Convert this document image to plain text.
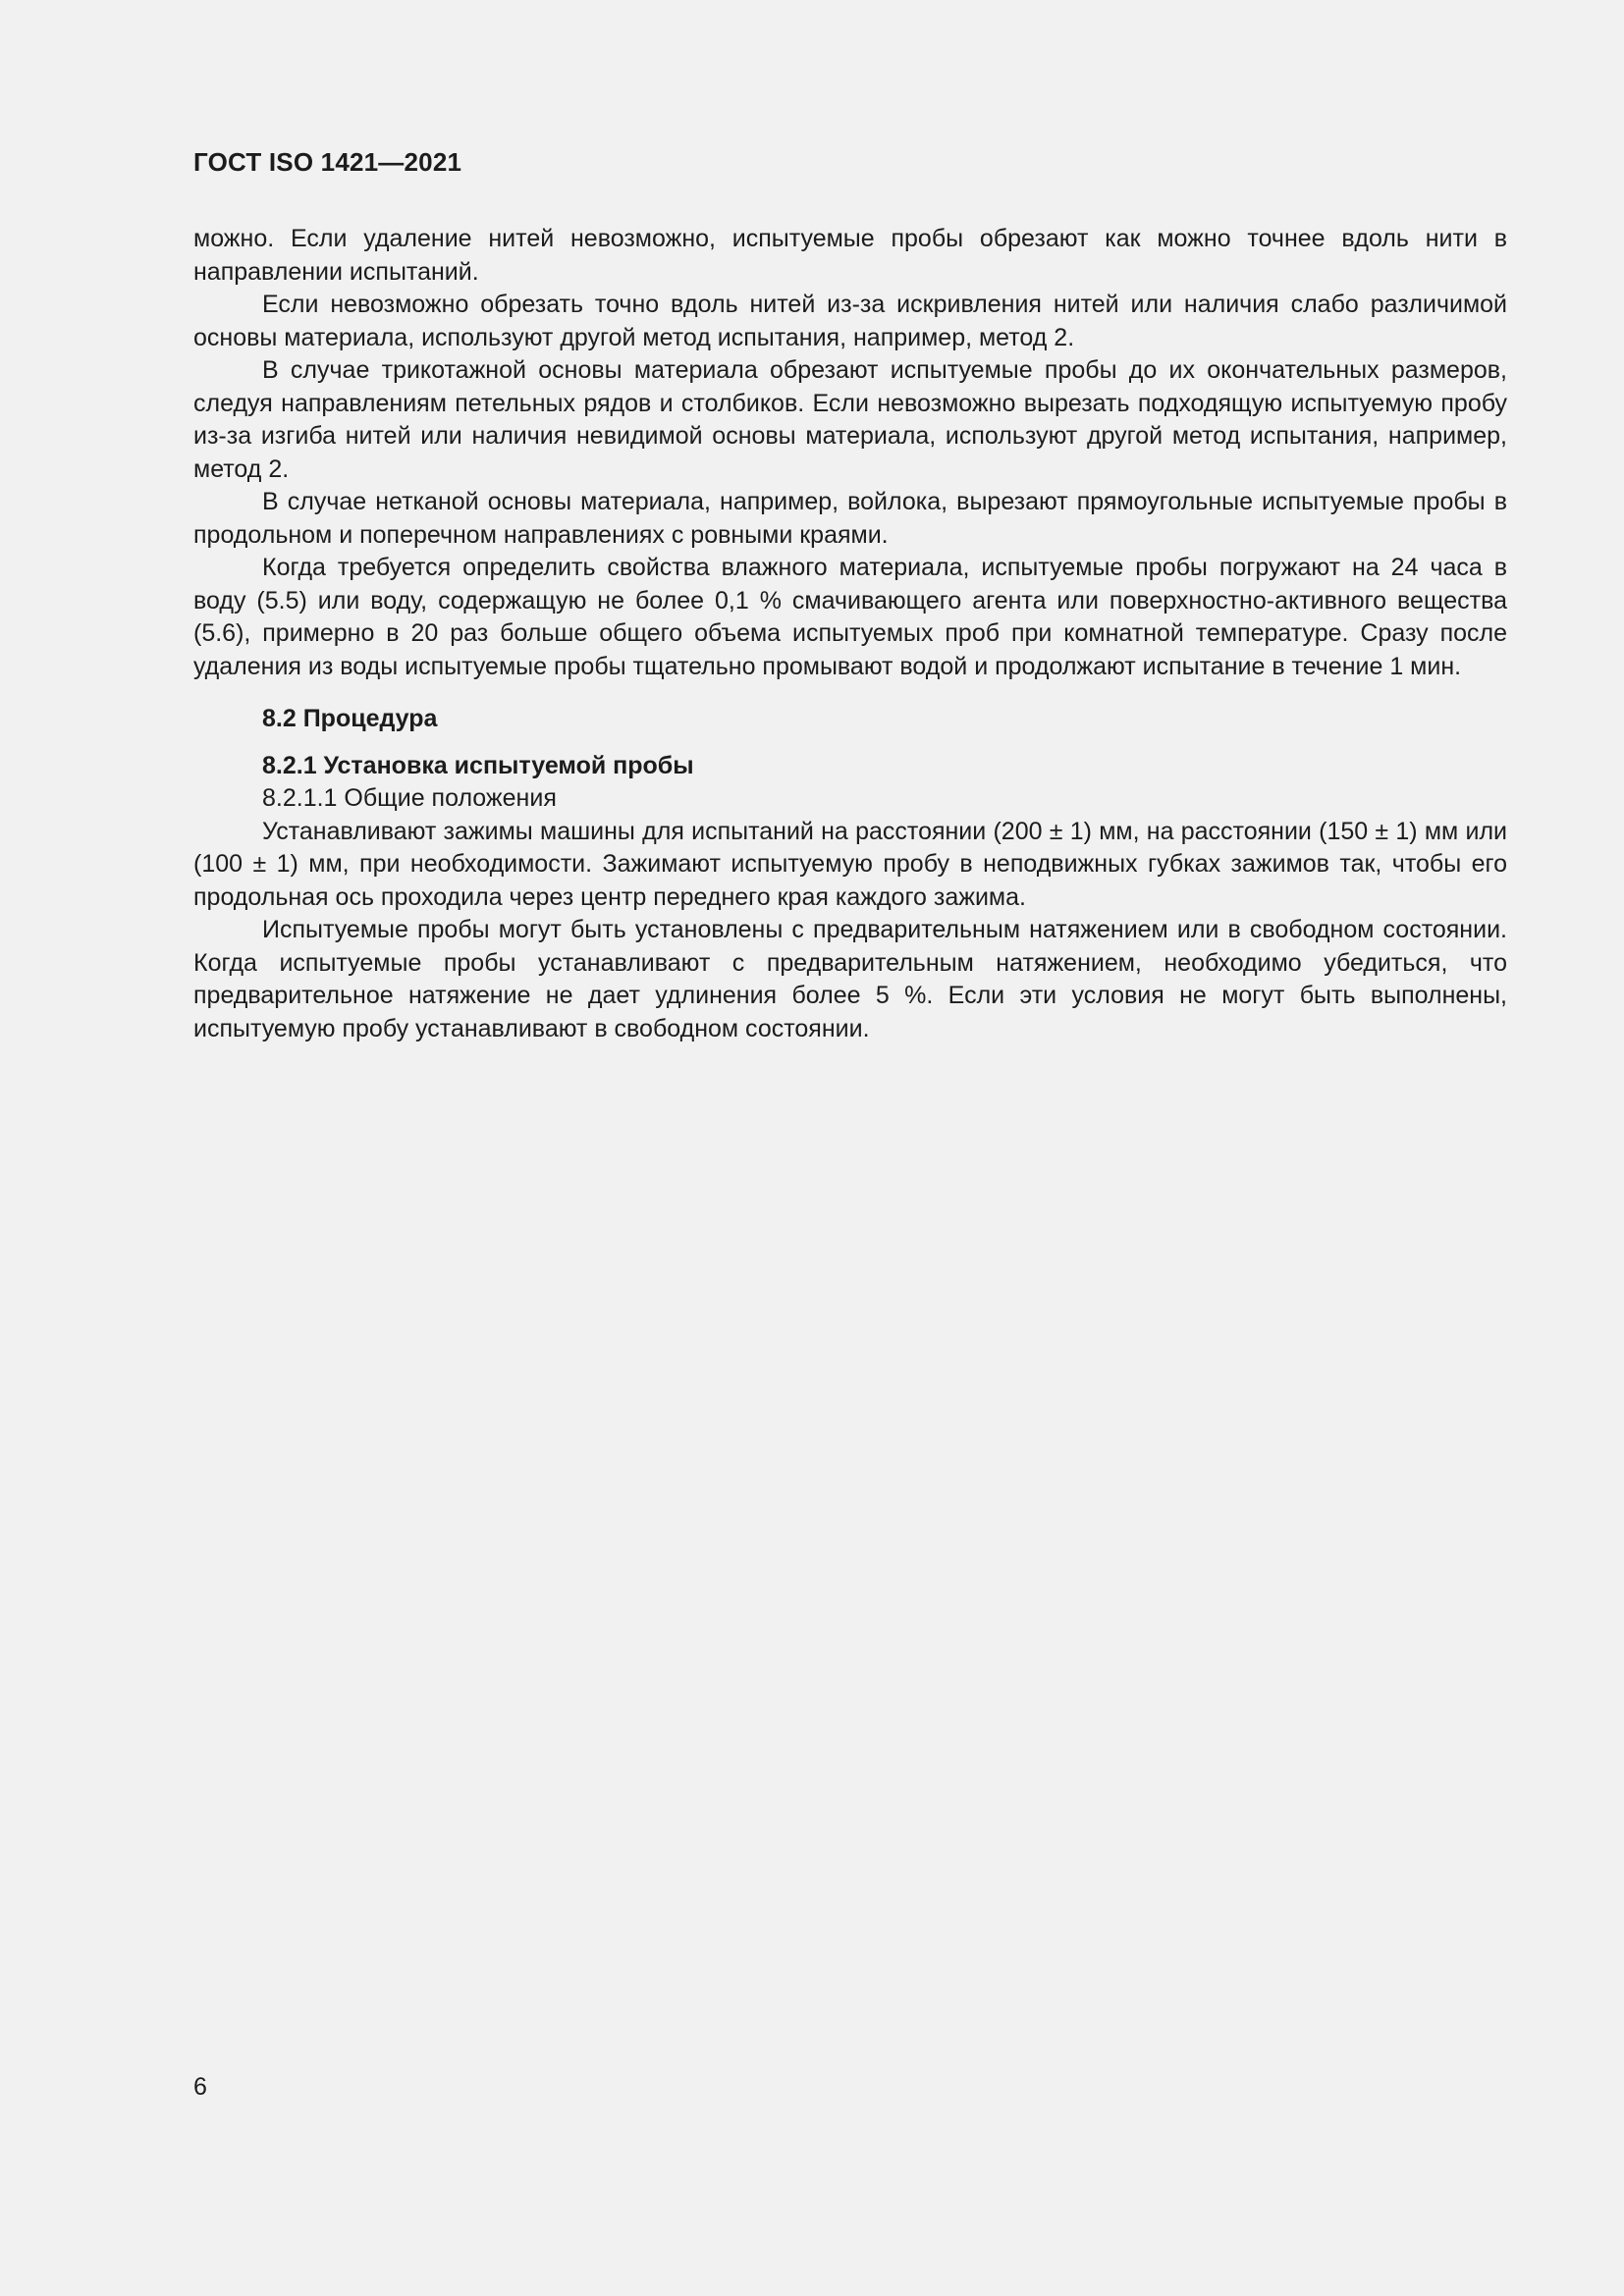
ГОСТ ISO 1421—2021

можно. Если удаление нитей невозможно, испытуемые пробы обрезают как можно точнее вдоль нити в направлении испытаний.

Если невозможно обрезать точно вдоль нитей из-за искривления нитей или наличия слабо различимой основы материала, используют другой метод испытания, например, метод 2.

В случае трикотажной основы материала обрезают испытуемые пробы до их окончательных размеров, следуя направлениям петельных рядов и столбиков. Если невозможно вырезать подходящую испытуемую пробу из-за изгиба нитей или наличия невидимой основы материала, используют другой метод испытания, например, метод 2.

В случае нетканой основы материала, например, войлока, вырезают прямоугольные испытуемые пробы в продольном и поперечном направлениях с ровными краями.

Когда требуется определить свойства влажного материала, испытуемые пробы погружают на 24 часа в воду (5.5) или воду, содержащую не более 0,1 % смачивающего агента или поверхностно-активного вещества (5.6), примерно в 20 раз больше общего объема испытуемых проб при комнатной температуре. Сразу после удаления из воды испытуемые пробы тщательно промывают водой и продолжают испытание в течение 1 мин.

8.2 Процедура

8.2.1 Установка испытуемой пробы

8.2.1.1 Общие положения

Устанавливают зажимы машины для испытаний на расстоянии (200 ± 1) мм, на расстоянии (150 ± 1) мм или (100 ± 1) мм, при необходимости. Зажимают испытуемую пробу в неподвижных губках зажимов так, чтобы его продольная ось проходила через центр переднего края каждого зажима.

Испытуемые пробы могут быть установлены с предварительным натяжением или в свободном состоянии. Когда испытуемые пробы устанавливают с предварительным натяжением, необходимо убедиться, что предварительное натяжение не дает удлинения более 5 %. Если эти условия не могут быть выполнены, испытуемую пробу устанавливают в свободном состоянии.

6
